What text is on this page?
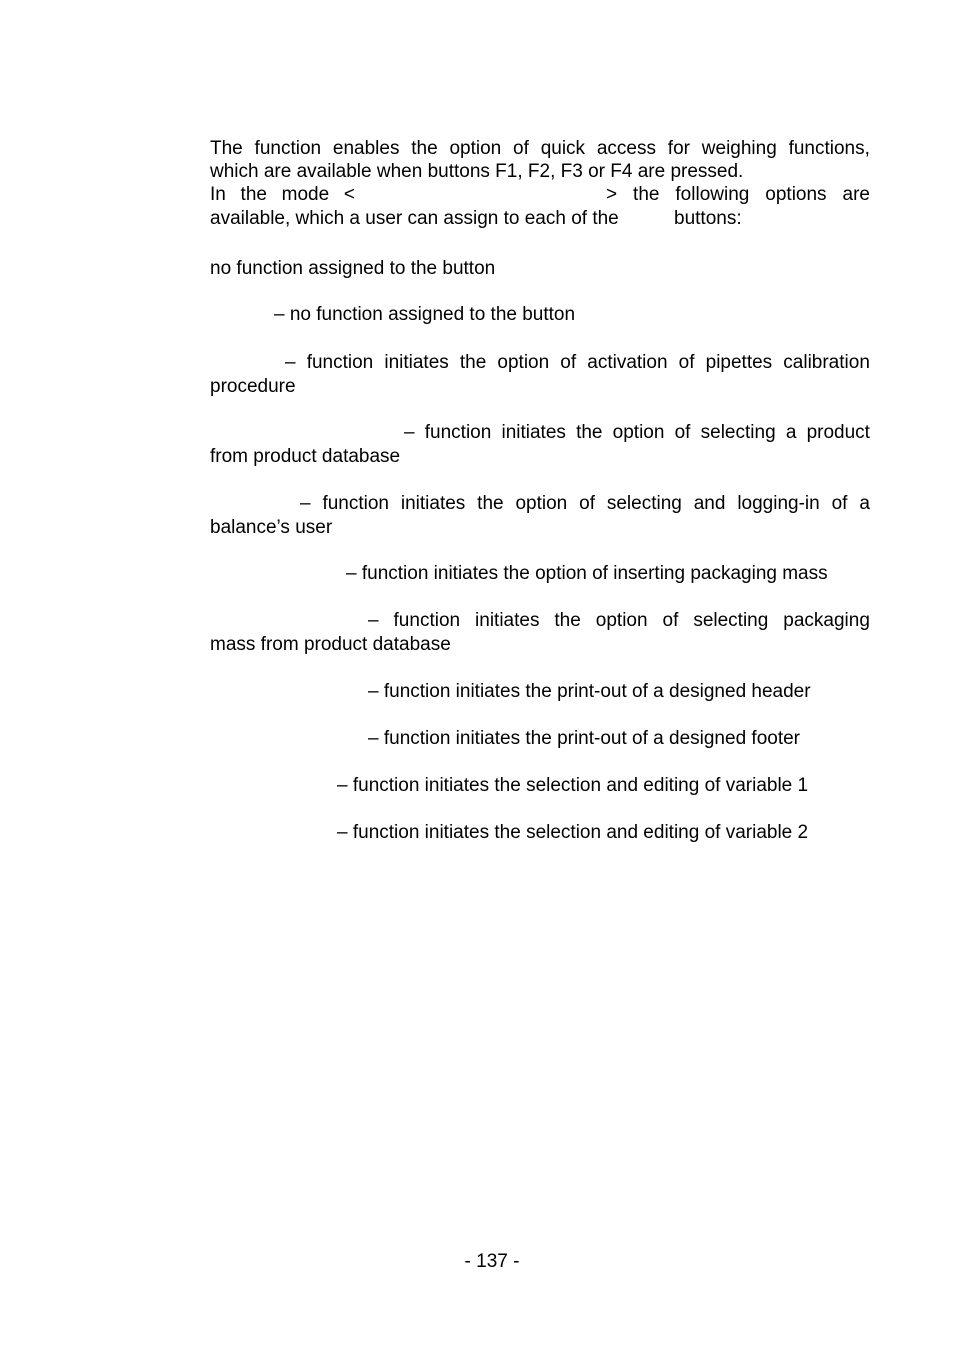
The function enables the option of quick access for weighing functions,
which are available when buttons F1, F2, F3 or F4 are pressed.
In the mode <	> the following options are
available, which a user can assign to each of the	buttons:
no function assigned to the button
– no function assigned to the button
– function initiates the option of activation of pipettes calibration
procedure
– function initiates the option of selecting a product
from product database
– function initiates the option of selecting and logging-in of a
balance’s user
– function initiates the option of inserting packaging mass
– function initiates the option of selecting packaging
mass from product database
– function initiates the print-out of a designed header
– function initiates the print-out of a designed footer
– function initiates the selection and editing of variable 1
– function initiates the selection and editing of variable 2
- 137 -
